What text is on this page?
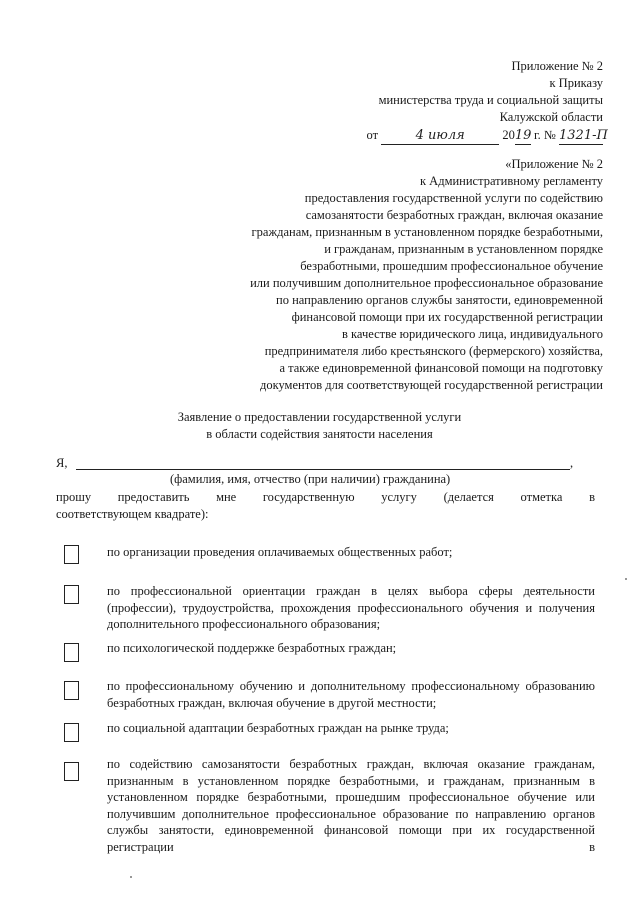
Приложение № 2
к Приказу
министерства труда и социальной защиты
Калужской области
от	4 июля	2019 г. № 1321-П
«Приложение № 2
к Административному регламенту
предоставления государственной услуги по содействию
самозанятости безработных граждан, включая оказание
гражданам, признанным в установленном порядке безработными,
и гражданам, признанным в установленном порядке
безработными, прошедшим профессиональное обучение
или получившим дополнительное профессиональное образование
по направлению органов службы занятости, единовременной
финансовой помощи при их государственной регистрации
в качестве юридического лица, индивидуального
предпринимателя либо крестьянского (фермерского) хозяйства,
а также единовременной финансовой помощи на подготовку
документов для соответствующей государственной регистрации
Заявление о предоставлении государственной услуги
в области содействия занятости населения
Я,	,
(фамилия, имя, отчество (при наличии) гражданина)
прошу предоставить мне государственную услугу (делается отметка в
соответствующем квадрате):
по организации проведения оплачиваемых общественных работ;
по профессиональной ориентации граждан в целях выбора сферы деятельности (профессии), трудоустройства, прохождения профессионального обучения и получения дополнительного профессионального образования;
по психологической поддержке безработных граждан;
по профессиональному обучению и дополнительному профессиональному образованию безработных граждан, включая обучение в другой местности;
по социальной адаптации безработных граждан на рынке труда;
по содействию самозанятости безработных граждан, включая оказание гражданам, признанным в установленном порядке безработными, и гражданам, признанным в установленном порядке безработными, прошедшим профессиональное обучение или получившим дополнительное профессиональное образование по направлению органов службы занятости, единовременной финансовой помощи при их государственной регистрации в
